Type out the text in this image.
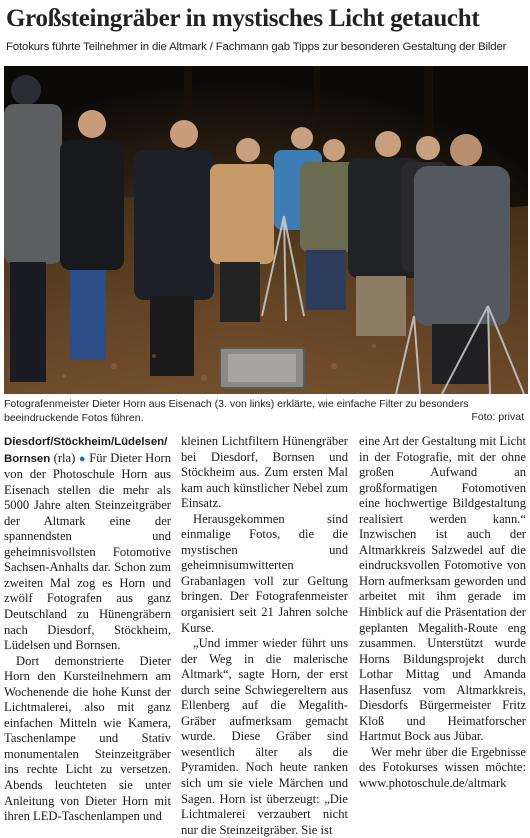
Großsteingräber in mystisches Licht getaucht
Fotokurs führte Teilnehmer in die Altmark / Fachmann gab Tipps zur besonderen Gestaltung der Bilder
Fotografenmeister Dieter Horn aus Eisenach (3. von links) erklärte, wie einfache Filter zu besonders beeindruckende Fotos führen.	Foto: privat

Diesdorf/Stöckheim/Lüdelsen/ Bornsen (rla) ● Für Dieter Horn von der Photoschule Horn aus Eisenach stellen die mehr als 5000 Jahre alten Steinzeitgräber der Altmark eine der spannendsten und geheimnisvollsten Fotomotive Sachsen-Anhalts dar. Schon zum zweiten Mal zog es Horn und zwölf Fotografen aus ganz Deutschland zu Hünengräbern nach Diesdorf, Stöckheim, Lüdelsen und Bornsen.

Dort demonstrierte Dieter Horn den Kursteilnehmern am Wochenende die hohe Kunst der Lichtmalerei, also mit ganz einfachen Mitteln wie Kamera, Taschenlampe und Stativ monumentalen Steinzeitgräber ins rechte Licht zu versetzen. Abends leuchteten sie unter Anleitung von Dieter Horn mit ihren LED-Taschenlampen und

kleinen Lichtfiltern Hünengräber bei Diesdorf, Bornsen und Stöckheim aus. Zum ersten Mal kam auch künstlicher Nebel zum Einsatz.

Herausgekommen sind einmalige Fotos, die die mystischen und geheimnisumwitterten Grabanlagen voll zur Geltung bringen. Der Fotografenmeister organisiert seit 21 Jahren solche Kurse.

„Und immer wieder führt uns der Weg in die malerische Altmark“, sagte Horn, der erst durch seine Schwiegereltern aus Ellenberg auf die Megalith-Gräber aufmerksam gemacht wurde. Diese Gräber sind wesentlich älter als die Pyramiden. Noch heute ranken sich um sie viele Märchen und Sagen. Horn ist überzeugt: „Die Lichtmalerei verzaubert nicht nur die Steinzeitgräber. Sie ist

eine Art der Gestaltung mit Licht in der Fotografie, mit der ohne großen Aufwand an großformatigen Fotomotiven eine hochwertige Bildgestaltung realisiert werden kann.“ Inzwischen ist auch der Altmarkkreis Salzwedel auf die eindrucksvollen Fotomotive von Horn aufmerksam geworden und arbeitet mit ihm gerade im Hinblick auf die Präsentation der geplanten Megalith-Route eng zusammen. Unterstützt wurde Horns Bildungsprojekt durch Lothar Mittag und Amanda Hasenfusz vom Altmarkkreis, Diesdorfs Bürgermeister Fritz Kloß und Heimatforscher Hartmut Bock aus Jübar.

Wer mehr über die Ergebnisse des Fotokurses wissen möchte: www.photoschule.de/altmark
